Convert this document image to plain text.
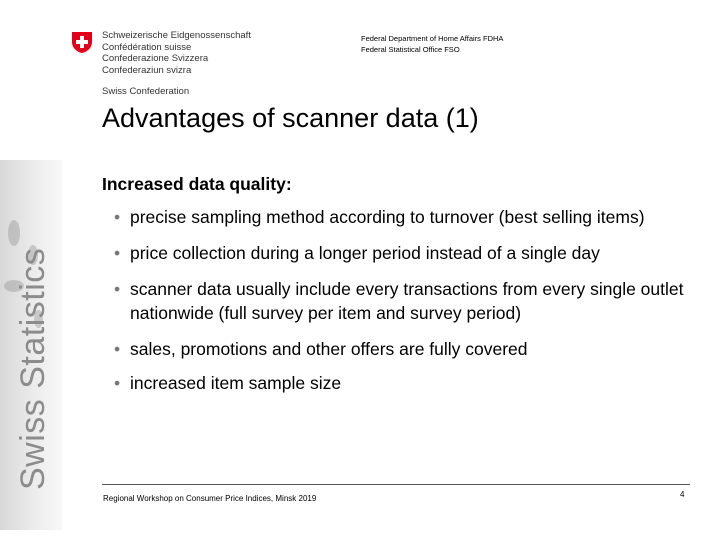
Swiss Statistics
Schweizerische Eidgenossenschaft
Confédération suisse
Confederazione Svizzera
Confederaziun svizra
Swiss Confederation
Federal Department of Home Affairs FDHA
Federal Statistical Office FSO
Advantages of scanner data (1)
Increased data quality:
• precise sampling method according to turnover (best selling items)
• price collection during a longer period instead of a single day
• scanner data usually include every transactions from every single outlet nationwide (full survey per item and survey period)
• sales, promotions and other offers are fully covered
• increased item sample size
Regional Workshop on Consumer Price Indices, Minsk 2019	4
